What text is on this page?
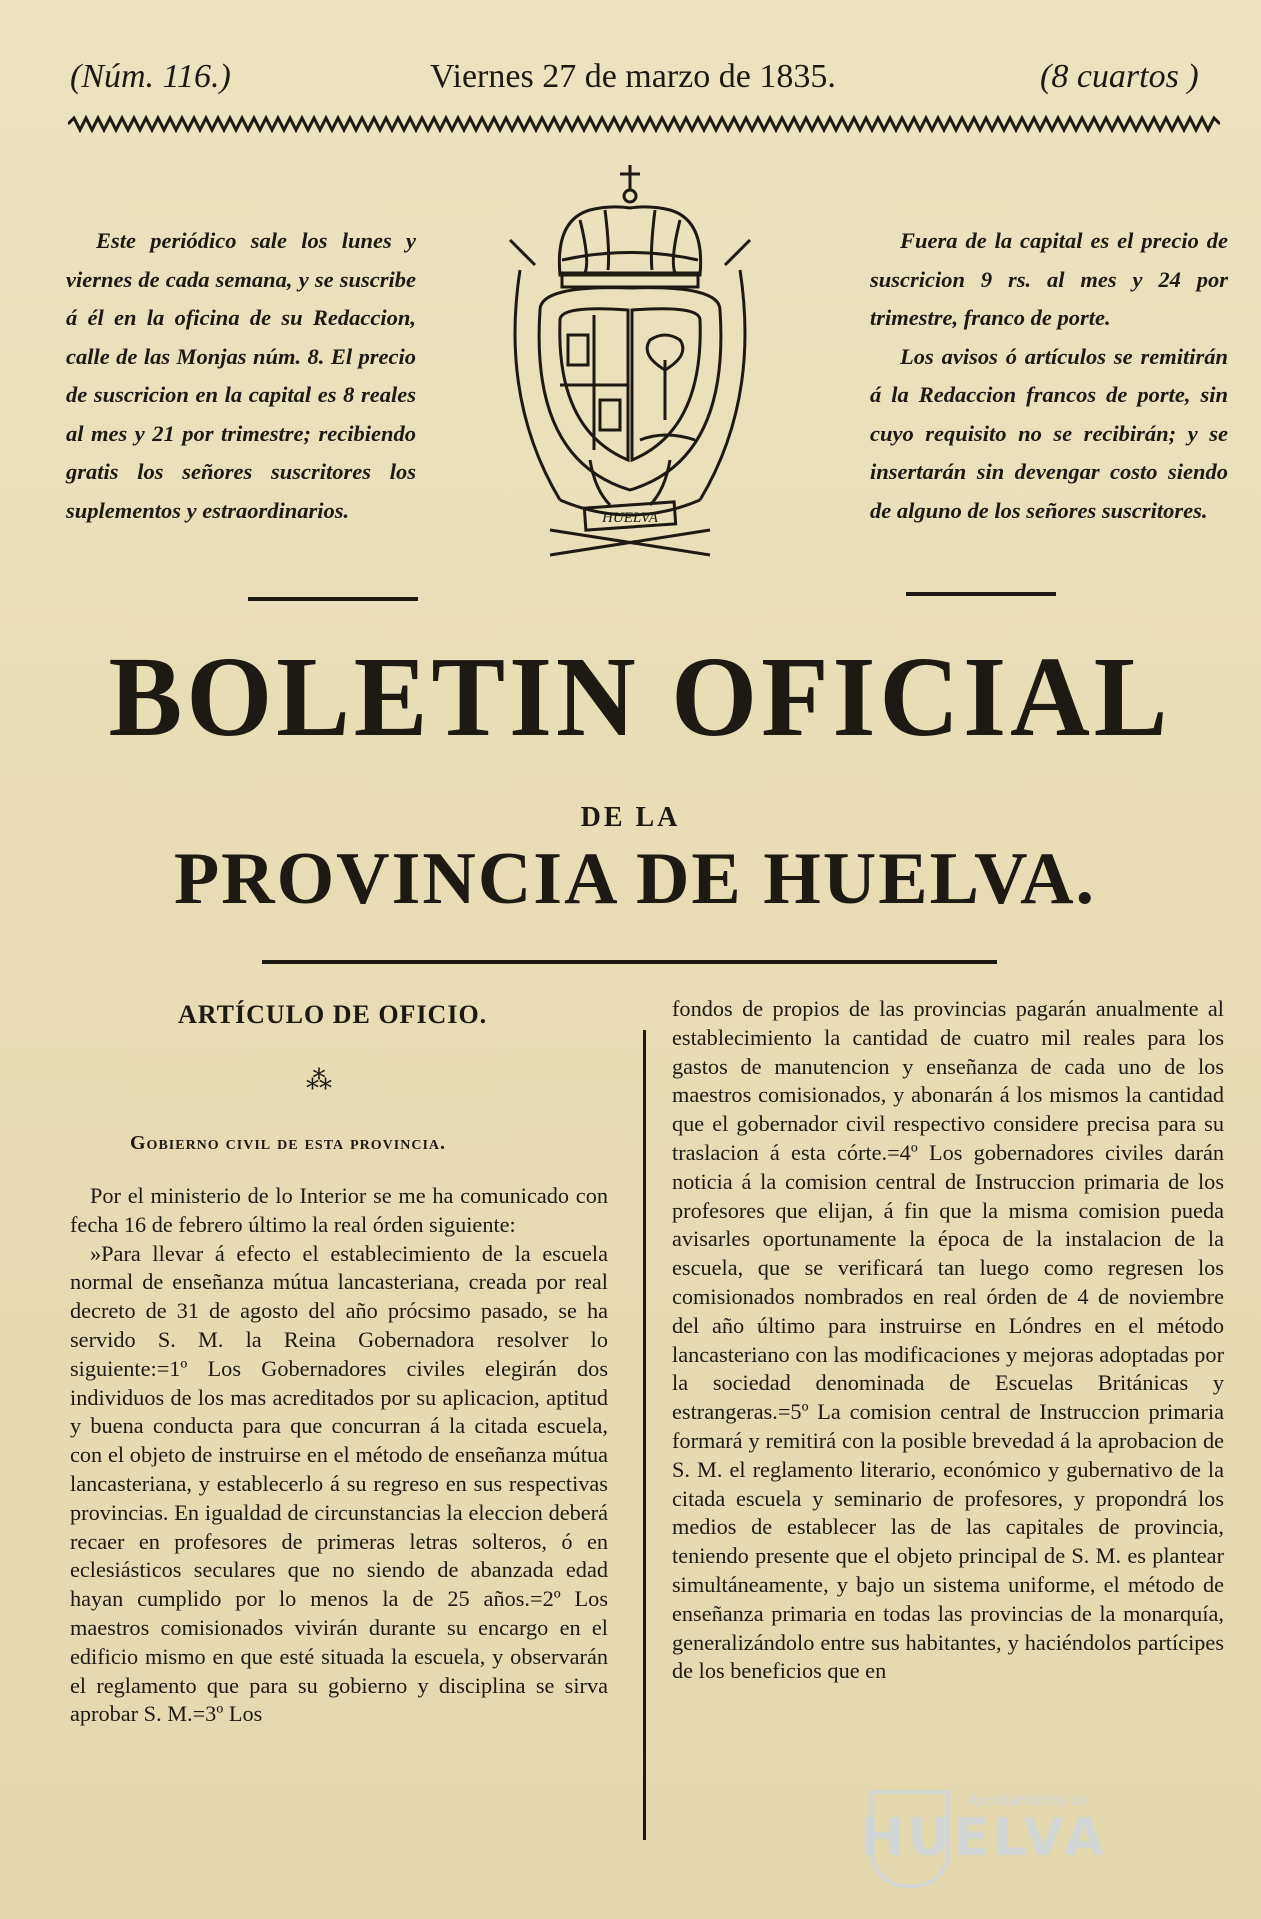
(Núm. 116.)	Viernes 27 de marzo de 1835.	(8 cuartos )

Este periódico sale los lunes y viernes de cada semana, y se suscribe á él en la oficina de su Redaccion, calle de las Monjas núm. 8. El precio de suscricion en la capital es 8 reales al mes y 21 por trimestre; recibiendo gratis los señores suscritores los suplementos y estraordinarios.	HUELVA

Fuera de la capital es el precio de suscricion 9 rs. al mes y 24 por trimestre, franco de porte.

Los avisos ó artículos se remitirán á la Redaccion francos de porte, sin cuyo requisito no se recibirán; y se insertarán sin devengar costo siendo de alguno de los señores suscritores.

BOLETIN OFICIAL
DE LA
PROVINCIA DE HUELVA.
ARTÍCULO DE OFICIO.
⁂
Gobierno civil de esta provincia.

Por el ministerio de lo Interior se me ha comunicado con fecha 16 de febrero último la real órden siguiente:

»Para llevar á efecto el establecimiento de la escuela normal de enseñanza mútua lancasteriana, creada por real decreto de 31 de agosto del año prócsimo pasado, se ha servido S. M. la Reina Gobernadora resolver lo siguiente:=1º Los Gobernadores civiles elegirán dos individuos de los mas acreditados por su aplicacion, aptitud y buena conducta para que concurran á la citada escuela, con el objeto de instruirse en el método de enseñanza mútua lancasteriana, y establecerlo á su regreso en sus respectivas provincias. En igualdad de circunstancias la eleccion deberá recaer en profesores de primeras letras solteros, ó en eclesiásticos seculares que no siendo de abanzada edad hayan cumplido por lo menos la de 25 años.=2º Los maestros comisionados vivirán durante su encargo en el edificio mismo en que esté situada la escuela, y observarán el reglamento que para su gobierno y disciplina se sirva aprobar S. M.=3º Los

fondos de propios de las provincias pagarán anualmente al establecimiento la cantidad de cuatro mil reales para los gastos de manutencion y enseñanza de cada uno de los maestros comisionados, y abonarán á los mismos la cantidad que el gobernador civil respectivo considere precisa para su traslacion á esta córte.=4º Los gobernadores civiles darán noticia á la comision central de Instruccion primaria de los profesores que elijan, á fin que la misma comision pueda avisarles oportunamente la época de la instalacion de la escuela, que se verificará tan luego como regresen los comisionados nombrados en real órden de 4 de noviembre del año último para instruirse en Lóndres en el método lancasteriano con las modificaciones y mejoras adoptadas por la sociedad denominada de Escuelas Británicas y estrangeras.=5º La comision central de Instruccion primaria formará y remitirá con la posible brevedad á la aprobacion de S. M. el reglamento literario, económico y gubernativo de la citada escuela y seminario de profesores, y propondrá los medios de establecer las de las capitales de provincia, teniendo presente que el objeto principal de S. M. es plantear simultáneamente, y bajo un sistema uniforme, el método de enseñanza primaria en todas las provincias de la monarquía, generalizándolo entre sus habitantes, y haciéndolos partícipes de los beneficios que en

Ayuntamiento de
HUELVA
